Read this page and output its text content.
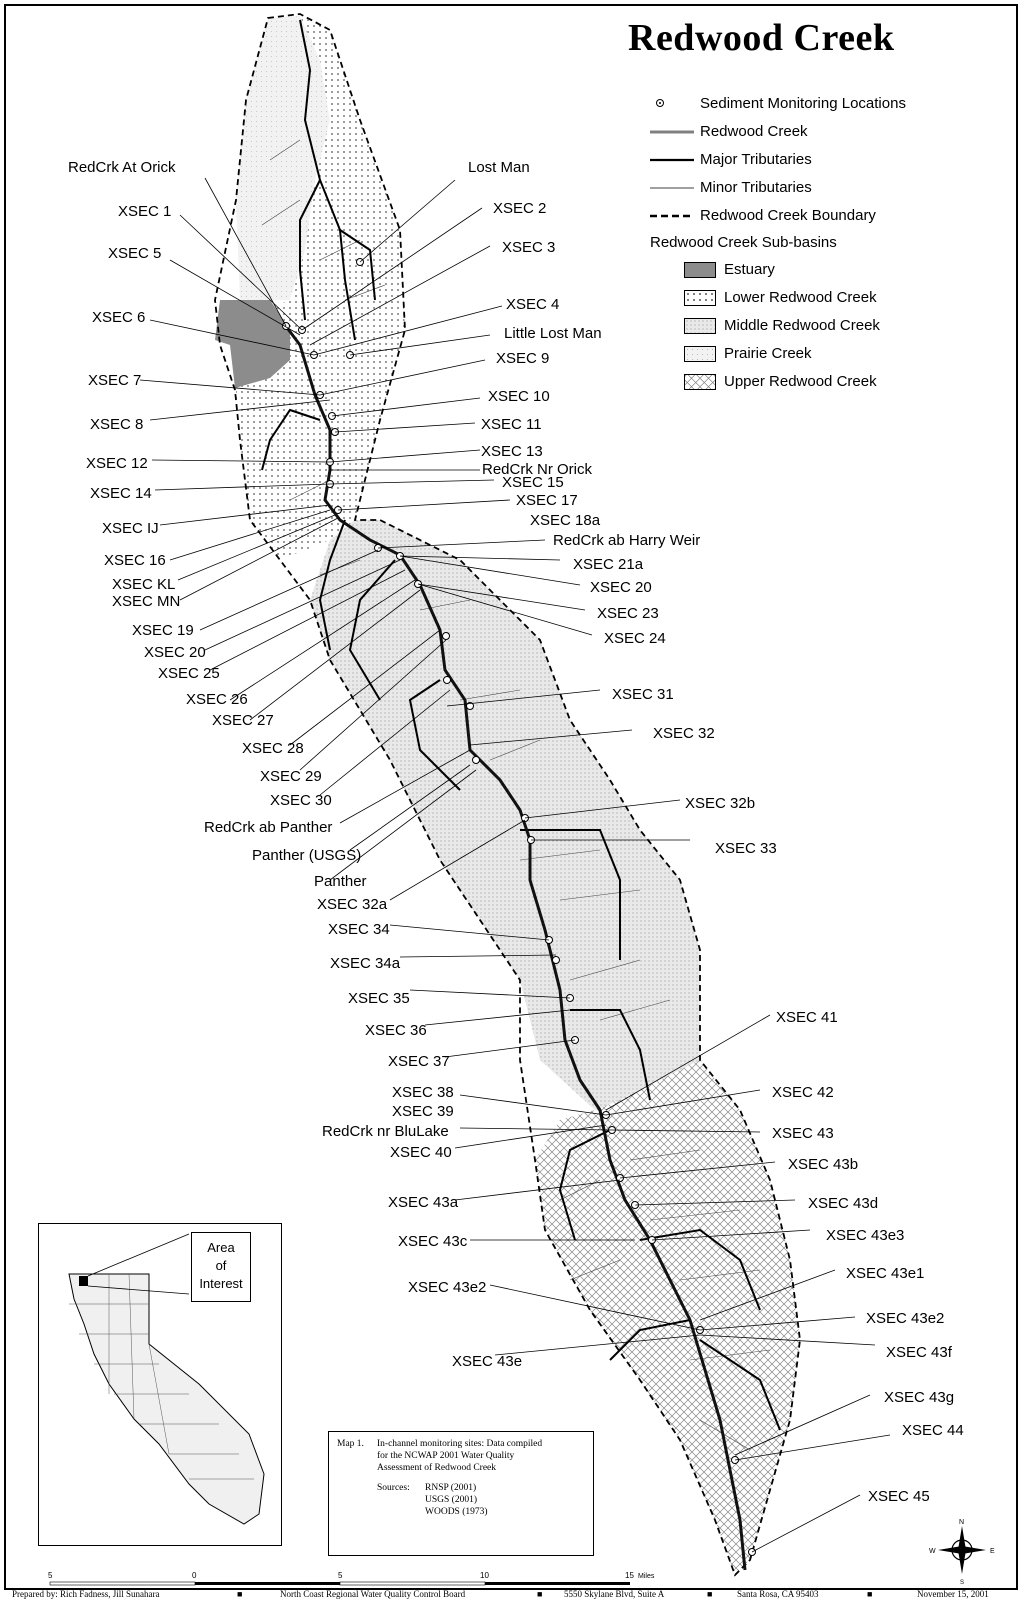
Redwood Creek
RedCrk At Orick	Lost Man
XSEC 1	XSEC 2
XSEC 3
XSEC 5
XSEC 4
XSEC 6
Little Lost Man
XSEC 9
XSEC 7
XSEC 10
XSEC 8	XSEC 11
XSEC 13
XSEC 12	RedCrk Nr Orick
XSEC 15
XSEC 14	XSEC 17
XSEC 18a
XSEC IJ
RedCrk ab Harry Weir
XSEC 16	XSEC 21a
XSEC KL	XSEC 20
XSEC MN
XSEC 23
XSEC 19	XSEC 24
XSEC 20
XSEC 25
XSEC 26	XSEC 31
XSEC 27
XSEC 32
XSEC 28
XSEC 29
XSEC 30	XSEC 32b
RedCrk ab Panther
XSEC 33
Panther (USGS)
Panther
XSEC 32a
XSEC 34
XSEC 34a
XSEC 35
XSEC 41
XSEC 36
XSEC 37
XSEC 42
XSEC 38
XSEC 39
XSEC 43
RedCrk nr BluLake
XSEC 40
XSEC 43b
XSEC 43a	XSEC 43d
XSEC 43e3
XSEC 43c
XSEC 43e1
XSEC 43e2
XSEC 43e2
XSEC 43f
XSEC 43e
XSEC 43g
XSEC 44
XSEC 45
5	0	5	10	15 Miles
N
E
S
W
Sediment Monitoring Locations
Redwood Creek
Major Tributaries
Minor Tributaries
Redwood Creek Boundary
Redwood Creek Sub-basins
Estuary
Lower Redwood Creek
Middle Redwood Creek
Prairie Creek
Upper Redwood Creek
Area
of
Interest
Map 1. In-channel monitoring sites: Data compiled
for the NCWAP 2001 Water Quality
Assessment of Redwood Creek
Sources: RNSP (2001)
USGS (2001)
WOODS (1973)
Prepared by: Rich Fadness, Jill Sunahara	■	North Coast Regional Water Quality Control Board	■ 5550 Skylane Blvd, Suite A	■	Santa Rosa, CA 95403	■	November 15, 2001
